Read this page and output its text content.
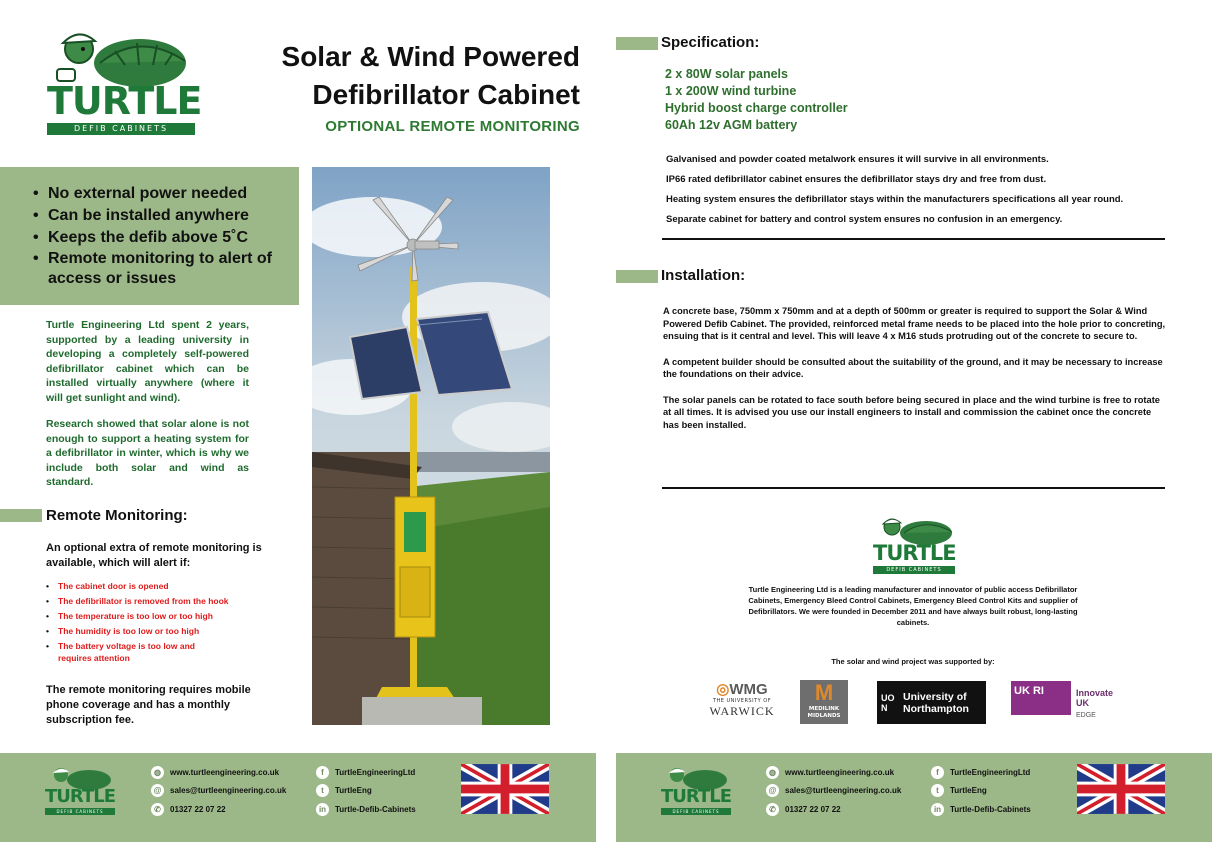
TURTLE
DEFIB CABINETS
Solar & Wind Powered
Defibrillator Cabinet
OPTIONAL REMOTE MONITORING
• No external power needed
• Can be installed anywhere
• Keeps the defib above 5˚C
• Remote monitoring to alert of access or issues

Turtle Engineering Ltd spent 2 years, supported by a leading university in developing a completely self-powered defibrillator cabinet which can be installed virtually anywhere (where it will get sunlight and wind).

Research showed that solar alone is not enough to support a heating system for a defibrillator in winter, which is why we include both solar and wind as standard.

Remote Monitoring:
An optional extra of remote monitoring is available, which will alert if:
• The cabinet door is opened
• The defibrillator is removed from the hook
• The temperature is too low or too high
• The humidity is too low or too high
• The battery voltage is too low and requires attention
The remote monitoring requires mobile phone coverage and has a monthly subscription fee.
TURTLE
DEFIB CABINETS
◍	www.turtleengineering.co.uk
@	sales@turtleengineering.co.uk
✆	01327 22 07 22
f	TurtleEngineeringLtd
t	TurtleEng
in	Turtle-Defib-Cabinets
Specification:
2 x 80W solar panels
1 x 200W wind turbine
Hybrid boost charge controller
60Ah 12v AGM battery
Galvanised and powder coated metalwork ensures it will survive in all environments.
IP66 rated defibrillator cabinet ensures the defibrillator stays dry and free from dust.
Heating system ensures the defibrillator stays within the manufacturers specifications all year round.
Separate cabinet for battery and control system ensures no confusion in an emergency.
Installation:

A concrete base, 750mm x 750mm and at a depth of 500mm or greater is required to support the Solar & Wind Powered Defib Cabinet. The provided, reinforced metal frame needs to be placed into the hole prior to concreting, ensuing that is it central and level. This will leave 4 x M16 studs protruding out of the concrete to secure to.

A competent builder should be consulted about the suitability of the ground, and it may be necessary to increase the foundations on their advice.

The solar panels can be rotated to face south before being secured in place and the wind turbine is free to rotate at all times. It is advised you use our install engineers to install and commission the cabinet once the concrete has been installed.

TURTLE
DEFIB CABINETS
Turtle Engineering Ltd is a leading manufacturer and innovator of public access Defibrillator Cabinets, Emergency Bleed Control Cabinets, Emergency Bleed Control Kits and supplier of Defibrillators. We were founded in December 2011 and have always built robust, long-lasting cabinets.
The solar and wind project was supported by:
◎WMG
THE UNIVERSITY OF
WARWICK
M
MEDILINK MIDLANDS
UO N
University of
Northampton
UK RI	Innovate
UK
EDGE
TURTLE
DEFIB CABINETS
◍	www.turtleengineering.co.uk
@	sales@turtleengineering.co.uk
✆	01327 22 07 22
f	TurtleEngineeringLtd
t	TurtleEng
in	Turtle-Defib-Cabinets
